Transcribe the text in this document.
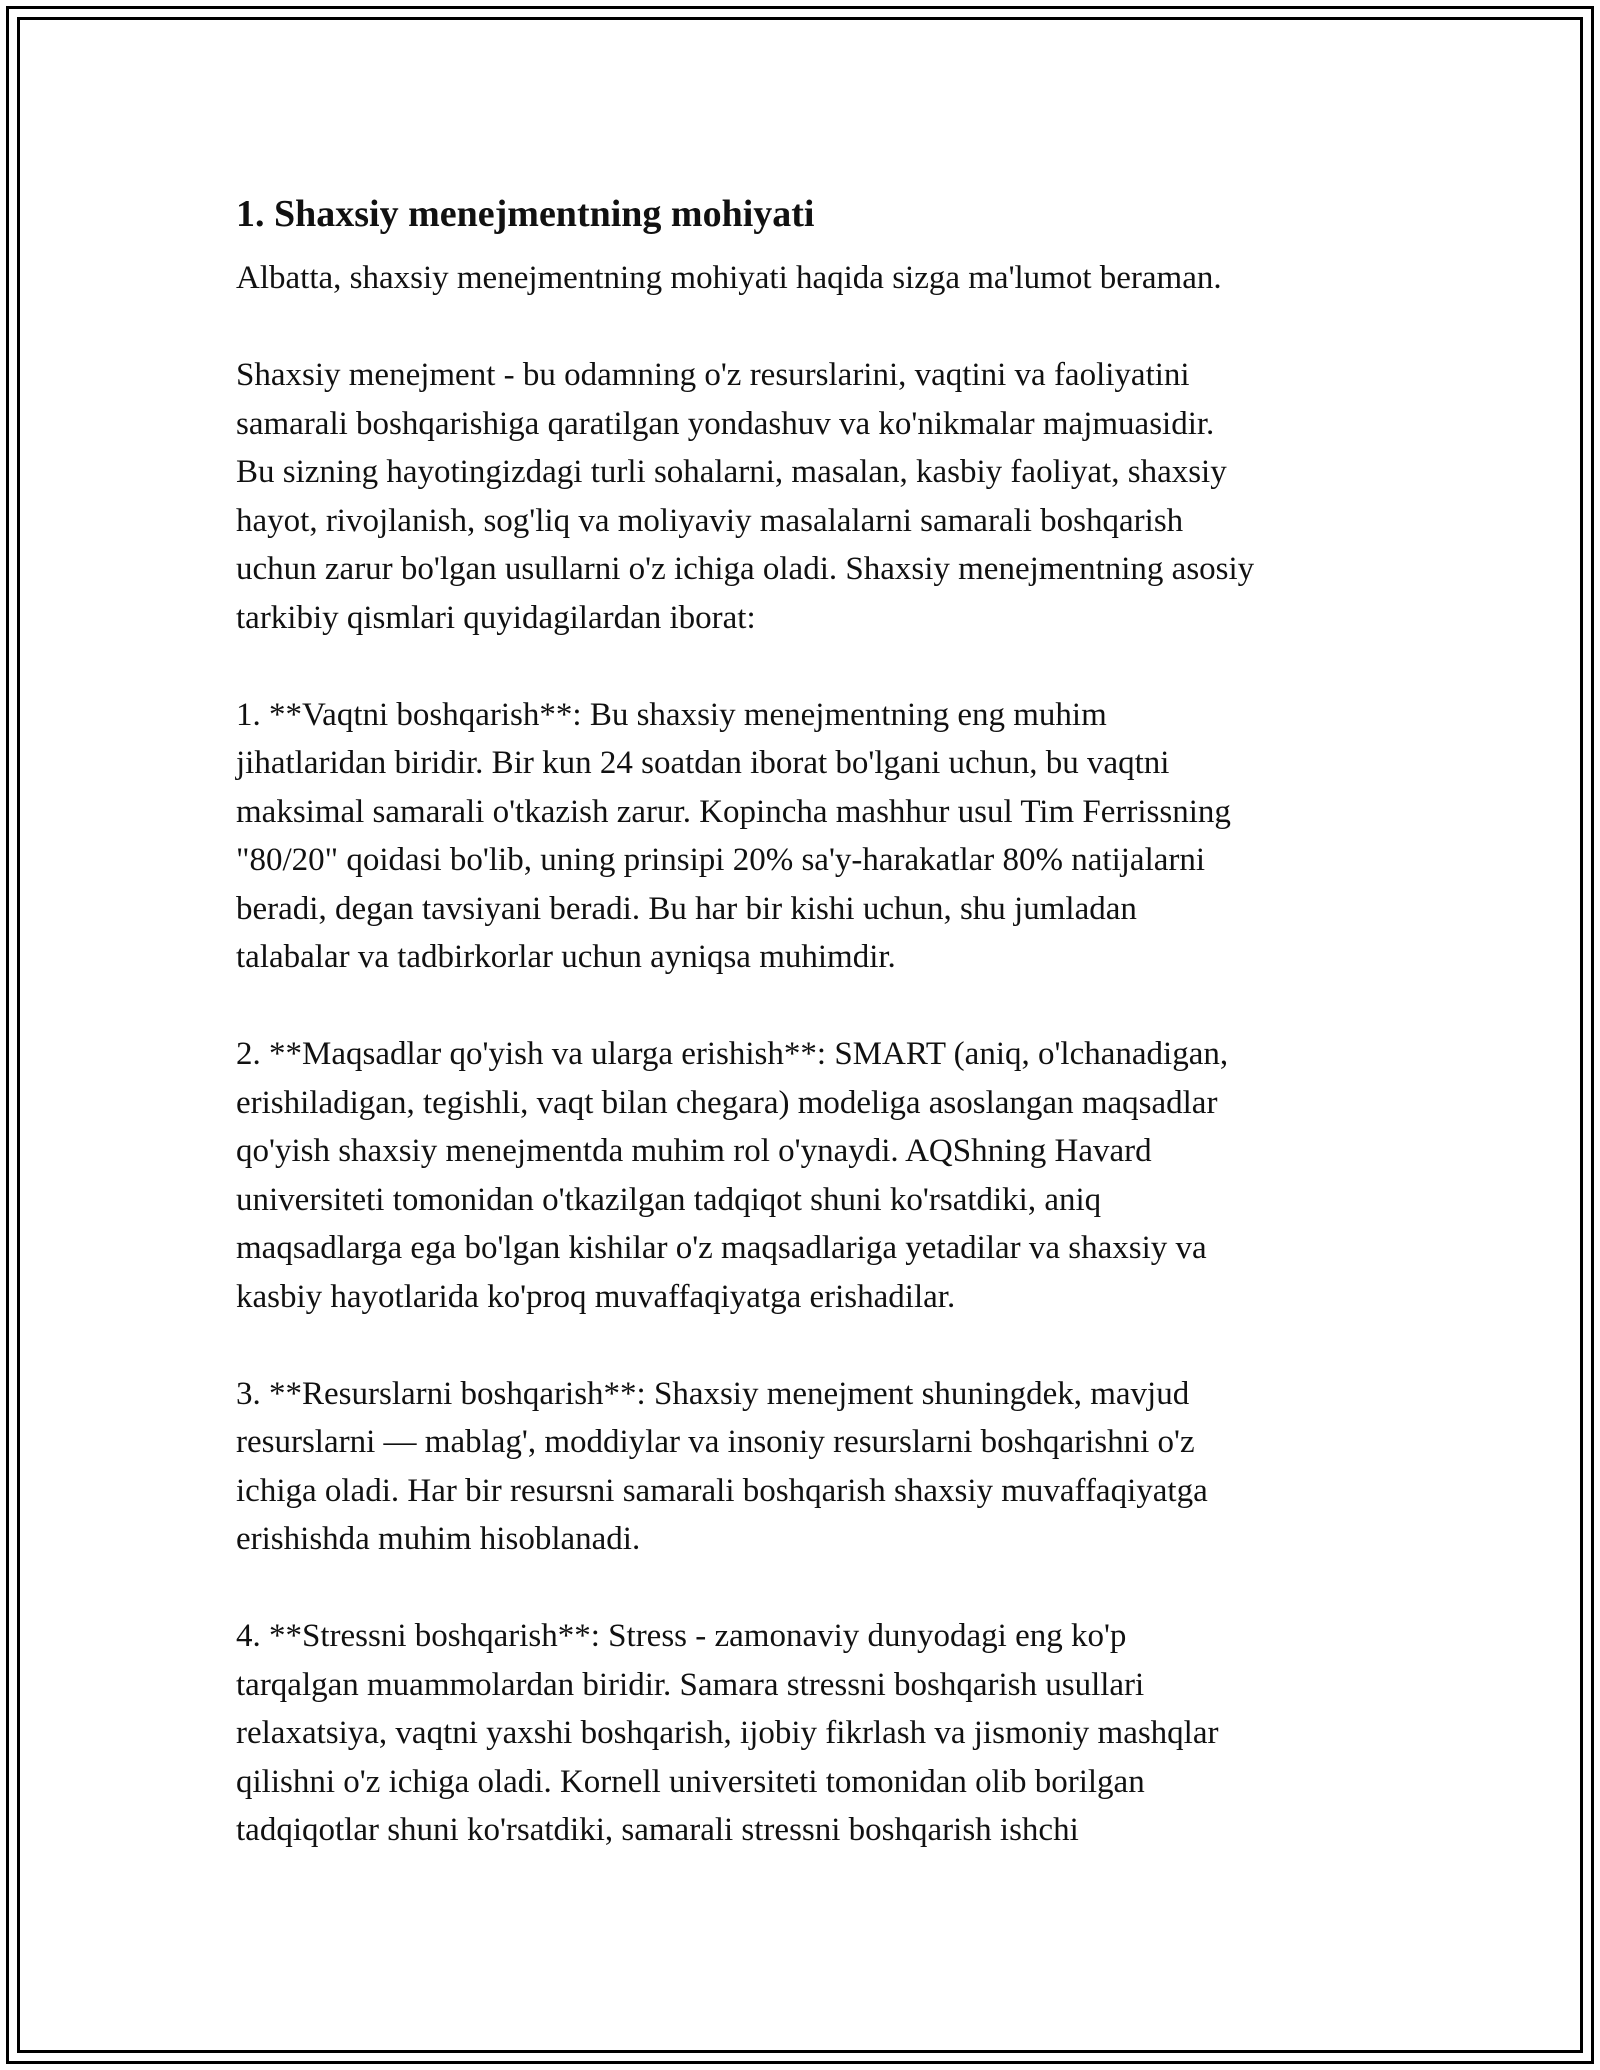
1. Shaxsiy menejmentning mohiyati
Albatta, shaxsiy menejmentning mohiyati haqida sizga ma'lumot beraman.
Shaxsiy menejment - bu odamning o'z resurslarini, vaqtini va faoliyatini
samarali boshqarishiga qaratilgan yondashuv va ko'nikmalar majmuasidir.
Bu sizning hayotingizdagi turli sohalarni, masalan, kasbiy faoliyat, shaxsiy
hayot, rivojlanish, sog'liq va moliyaviy masalalarni samarali boshqarish
uchun zarur bo'lgan usullarni o'z ichiga oladi. Shaxsiy menejmentning asosiy
tarkibiy qismlari quyidagilardan iborat:
1. **Vaqtni boshqarish**: Bu shaxsiy menejmentning eng muhim
jihatlaridan biridir. Bir kun 24 soatdan iborat bo'lgani uchun, bu vaqtni
maksimal samarali o'tkazish zarur. Kopincha mashhur usul Tim Ferrissning
"80/20" qoidasi bo'lib, uning prinsipi 20% sa'y-harakatlar 80% natijalarni
beradi, degan tavsiyani beradi. Bu har bir kishi uchun, shu jumladan
talabalar va tadbirkorlar uchun ayniqsa muhimdir.
2. **Maqsadlar qo'yish va ularga erishish**: SMART (aniq, o'lchanadigan,
erishiladigan, tegishli, vaqt bilan chegara) modeliga asoslangan maqsadlar
qo'yish shaxsiy menejmentda muhim rol o'ynaydi. AQShning Havard
universiteti tomonidan o'tkazilgan tadqiqot shuni ko'rsatdiki, aniq
maqsadlarga ega bo'lgan kishilar o'z maqsadlariga yetadilar va shaxsiy va
kasbiy hayotlarida ko'proq muvaffaqiyatga erishadilar.
3. **Resurslarni boshqarish**: Shaxsiy menejment shuningdek, mavjud
resurslarni — mablag', moddiylar va insoniy resurslarni boshqarishni o'z
ichiga oladi. Har bir resursni samarali boshqarish shaxsiy muvaffaqiyatga
erishishda muhim hisoblanadi.
4. **Stressni boshqarish**: Stress - zamonaviy dunyodagi eng ko'p
tarqalgan muammolardan biridir. Samara stressni boshqarish usullari
relaxatsiya, vaqtni yaxshi boshqarish, ijobiy fikrlash va jismoniy mashqlar
qilishni o'z ichiga oladi. Kornell universiteti tomonidan olib borilgan
tadqiqotlar shuni ko'rsatdiki, samarali stressni boshqarish ishchi
